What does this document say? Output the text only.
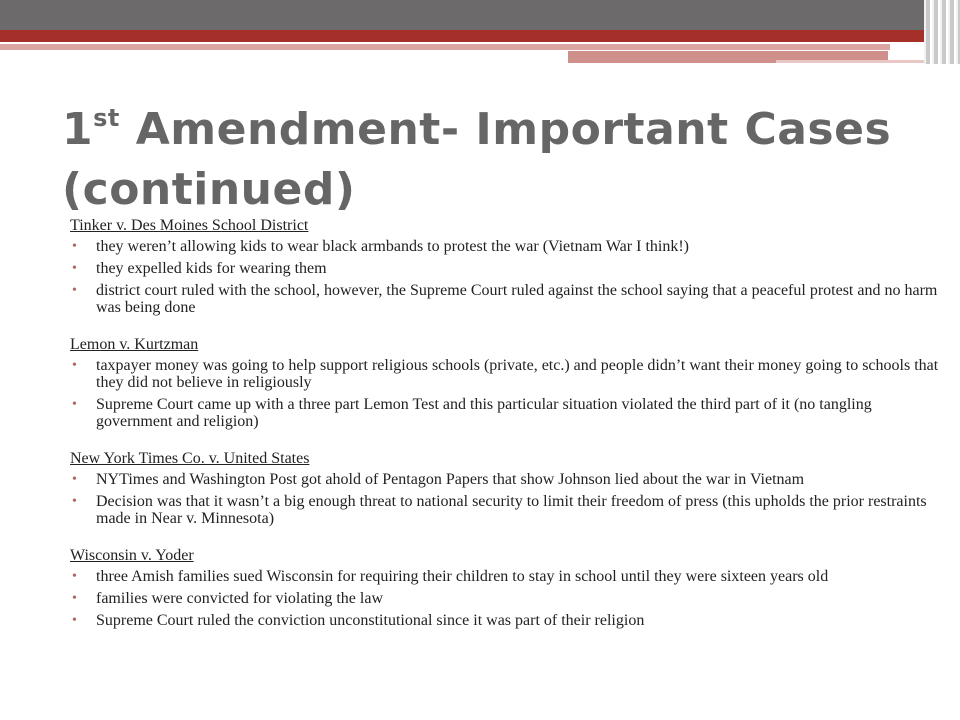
1st Amendment- Important Cases (continued)
Tinker v. Des Moines School District
• they weren’t allowing kids to wear black armbands to protest the war (Vietnam War I think!)
• they expelled kids for wearing them
• district court ruled with the school, however, the Supreme Court ruled against the school saying that a peaceful protest and no harm was being done
Lemon v. Kurtzman
• taxpayer money was going to help support religious schools (private, etc.) and people didn’t want their money going to schools that they did not believe in religiously
• Supreme Court came up with a three part Lemon Test and this particular situation violated the third part of it (no tangling government and religion)
New York Times Co. v. United States
• NYTimes and Washington Post got ahold of Pentagon Papers that show Johnson lied about the war in Vietnam
• Decision was that it wasn’t a big enough threat to national security to limit their freedom of press (this upholds the prior restraints made in Near v. Minnesota)
Wisconsin v. Yoder
• three Amish families sued Wisconsin for requiring their children to stay in school until they were sixteen years old
• families were convicted for violating the law
• Supreme Court ruled the conviction unconstitutional since it was part of their religion
